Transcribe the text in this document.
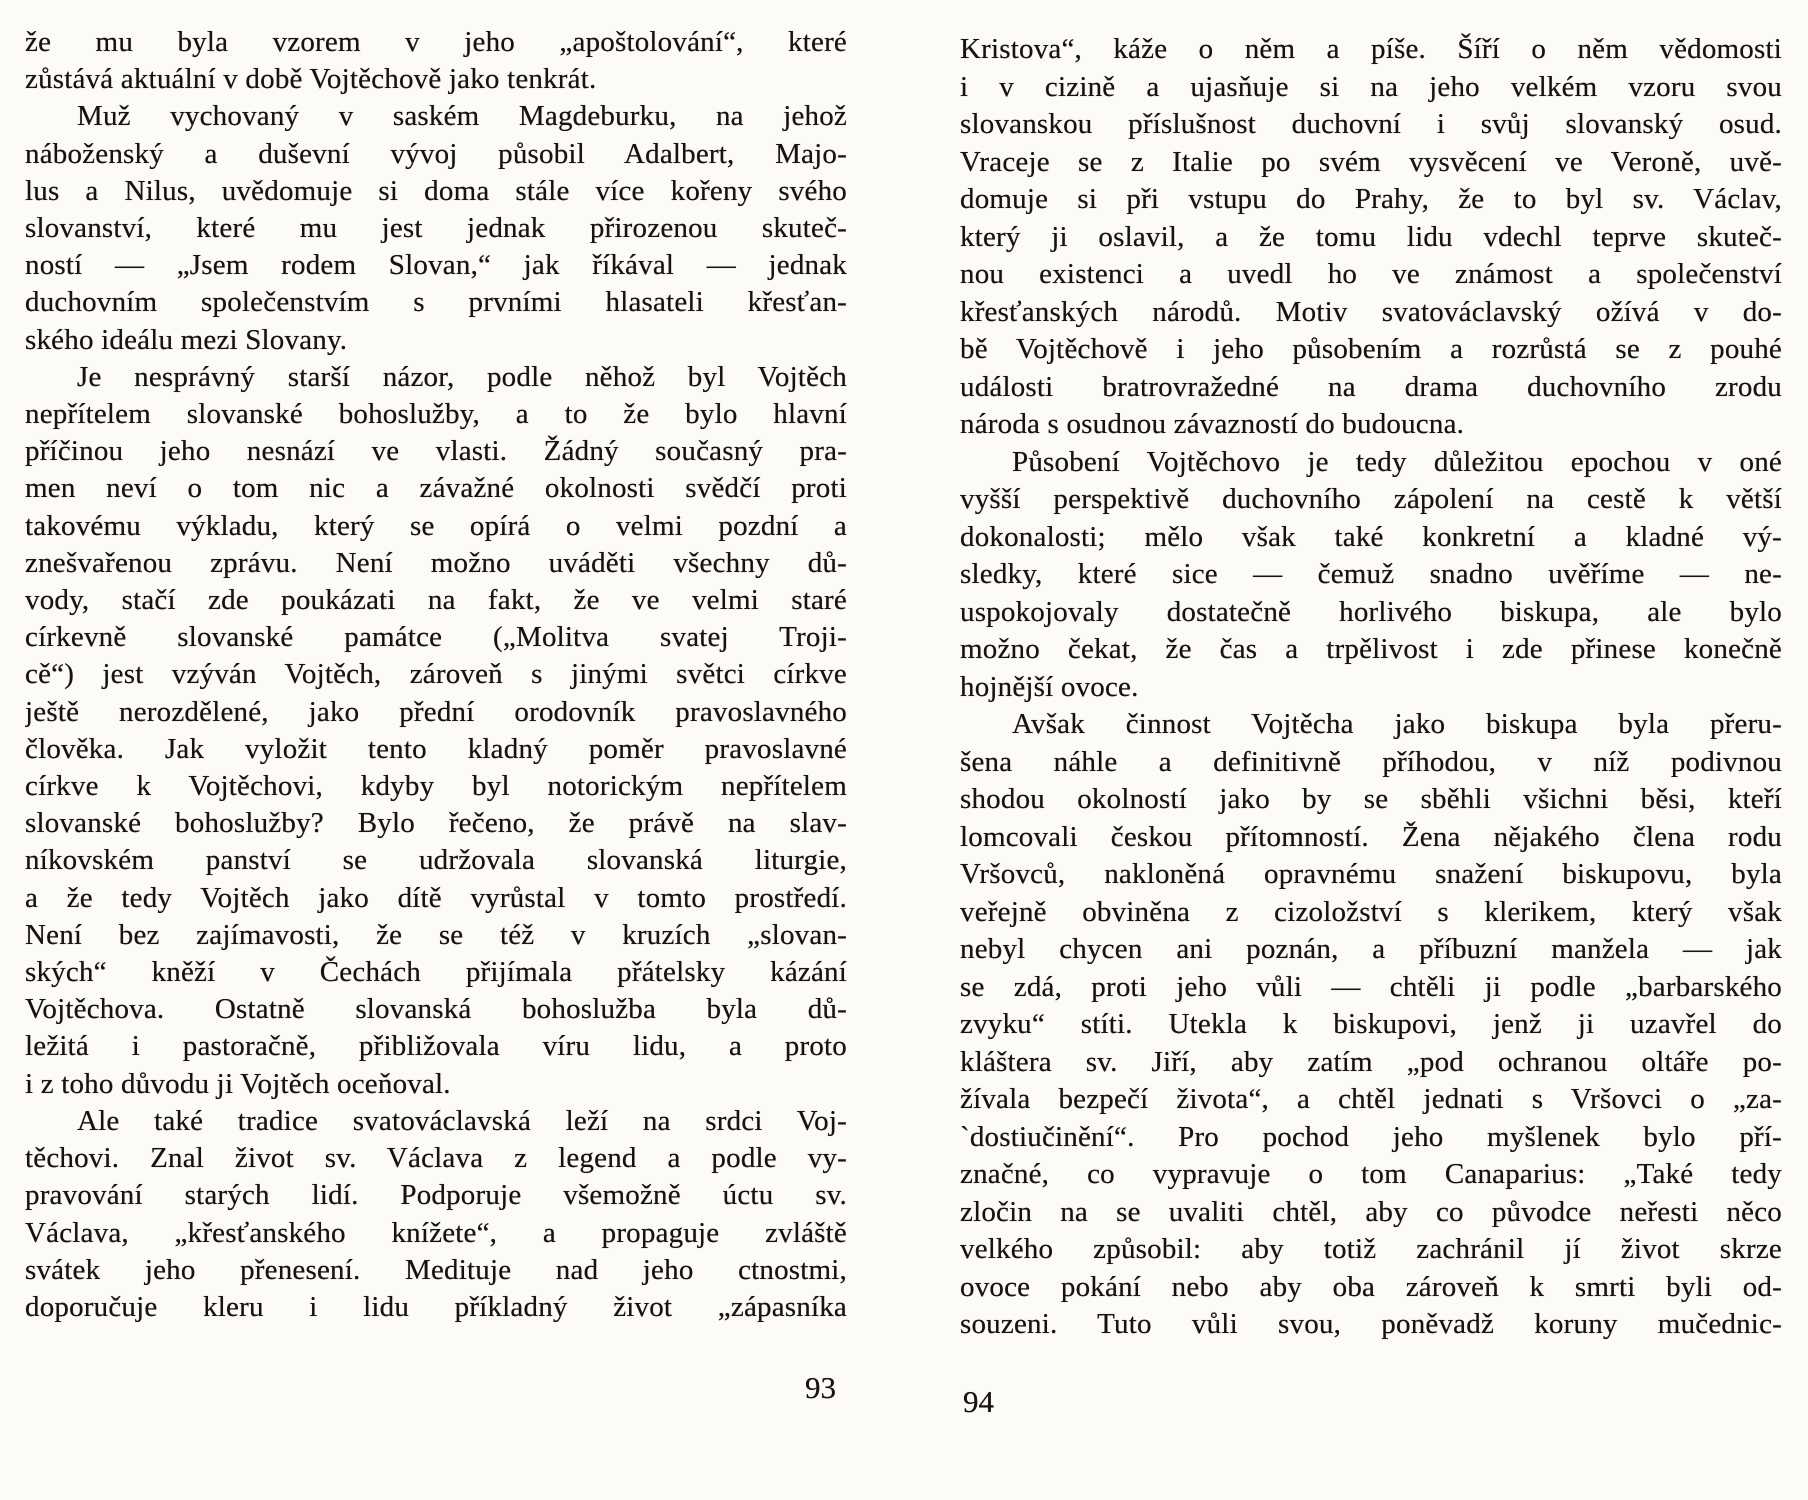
že mu byla vzorem v jeho „apoštolování“, které
zůstává aktuální v době Vojtěchově jako tenkrát.
Muž vychovaný v saském Magdeburku, na jehož
náboženský a duševní vývoj působil Adalbert, Majo-
lus a Nilus, uvědomuje si doma stále více kořeny svého
slovanství, které mu jest jednak přirozenou skuteč-
ností — „Jsem rodem Slovan,“ jak říkával — jednak
duchovním společenstvím s prvními hlasateli křesťan-
ského ideálu mezi Slovany.
Je nesprávný starší názor, podle něhož byl Vojtěch
nepřítelem slovanské bohoslužby, a to že bylo hlavní
příčinou jeho nesnází ve vlasti. Žádný současný pra-
men neví o tom nic a závažné okolnosti svědčí proti
takovému výkladu, který se opírá o velmi pozdní a
znešvařenou zprávu. Není možno uváděti všechny dů-
vody, stačí zde poukázati na fakt, že ve velmi staré
církevně slovanské památce („Molitva svatej Troji-
cě“) jest vzýván Vojtěch, zároveň s jinými světci církve
ještě nerozdělené, jako přední orodovník pravoslavného
člověka. Jak vyložit tento kladný poměr pravoslavné
církve k Vojtěchovi, kdyby byl notorickým nepřítelem
slovanské bohoslužby? Bylo řečeno, že právě na slav-
níkovském panství se udržovala slovanská liturgie,
a že tedy Vojtěch jako dítě vyrůstal v tomto prostředí.
Není bez zajímavosti, že se též v kruzích „slovan-
ských“ kněží v Čechách přijímala přátelsky kázání
Vojtěchova. Ostatně slovanská bohoslužba byla dů-
ležitá i pastoračně, přibližovala víru lidu, a proto
i z toho důvodu ji Vojtěch oceňoval.
Ale také tradice svatováclavská leží na srdci Voj-
těchovi. Znal život sv. Václava z legend a podle vy-
pravování starých lidí. Podporuje všemožně úctu sv.
Václava, „křesťanského knížete“, a propaguje zvláště
svátek jeho přenesení. Medituje nad jeho ctnostmi,
doporučuje kleru i lidu příkladný život „zápasníka
Kristova“, káže o něm a píše. Šíří o něm vědomosti
i v cizině a ujasňuje si na jeho velkém vzoru svou
slovanskou příslušnost duchovní i svůj slovanský osud.
Vraceje se z Italie po svém vysvěcení ve Veroně, uvě-
domuje si při vstupu do Prahy, že to byl sv. Václav,
který ji oslavil, a že tomu lidu vdechl teprve skuteč-
nou existenci a uvedl ho ve známost a společenství
křesťanských národů. Motiv svatováclavský ožívá v do-
bě Vojtěchově i jeho působením a rozrůstá se z pouhé
události bratrovražedné na drama duchovního zrodu
národa s osudnou závazností do budoucna.
Působení Vojtěchovo je tedy důležitou epochou v oné
vyšší perspektivě duchovního zápolení na cestě k větší
dokonalosti; mělo však také konkretní a kladné vý-
sledky, které sice — čemuž snadno uvěříme — ne-
uspokojovaly dostatečně horlivého biskupa, ale bylo
možno čekat, že čas a trpělivost i zde přinese konečně
hojnější ovoce.
Avšak činnost Vojtěcha jako biskupa byla přeru-
šena náhle a definitivně příhodou, v níž podivnou
shodou okolností jako by se sběhli všichni běsi, kteří
lomcovali českou přítomností. Žena nějakého člena rodu
Vršovců, nakloněná opravnému snažení biskupovu, byla
veřejně obviněna z cizoložství s klerikem, který však
nebyl chycen ani poznán, a příbuzní manžela — jak
se zdá, proti jeho vůli — chtěli ji podle „barbarského
zvyku“ stíti. Utekla k biskupovi, jenž ji uzavřel do
kláštera sv. Jiří, aby zatím „pod ochranou oltáře po-
žívala bezpečí života“, a chtěl jednati s Vršovci o „za-
`dostiučinění“. Pro pochod jeho myšlenek bylo pří-
značné, co vypravuje o tom Canaparius: „Také tedy
zločin na se uvaliti chtěl, aby co původce neřesti něco
velkého způsobil: aby totiž zachránil jí život skrze
ovoce pokání nebo aby oba zároveň k smrti byli od-
souzeni. Tuto vůli svou, poněvadž koruny mučednic-
93	94
